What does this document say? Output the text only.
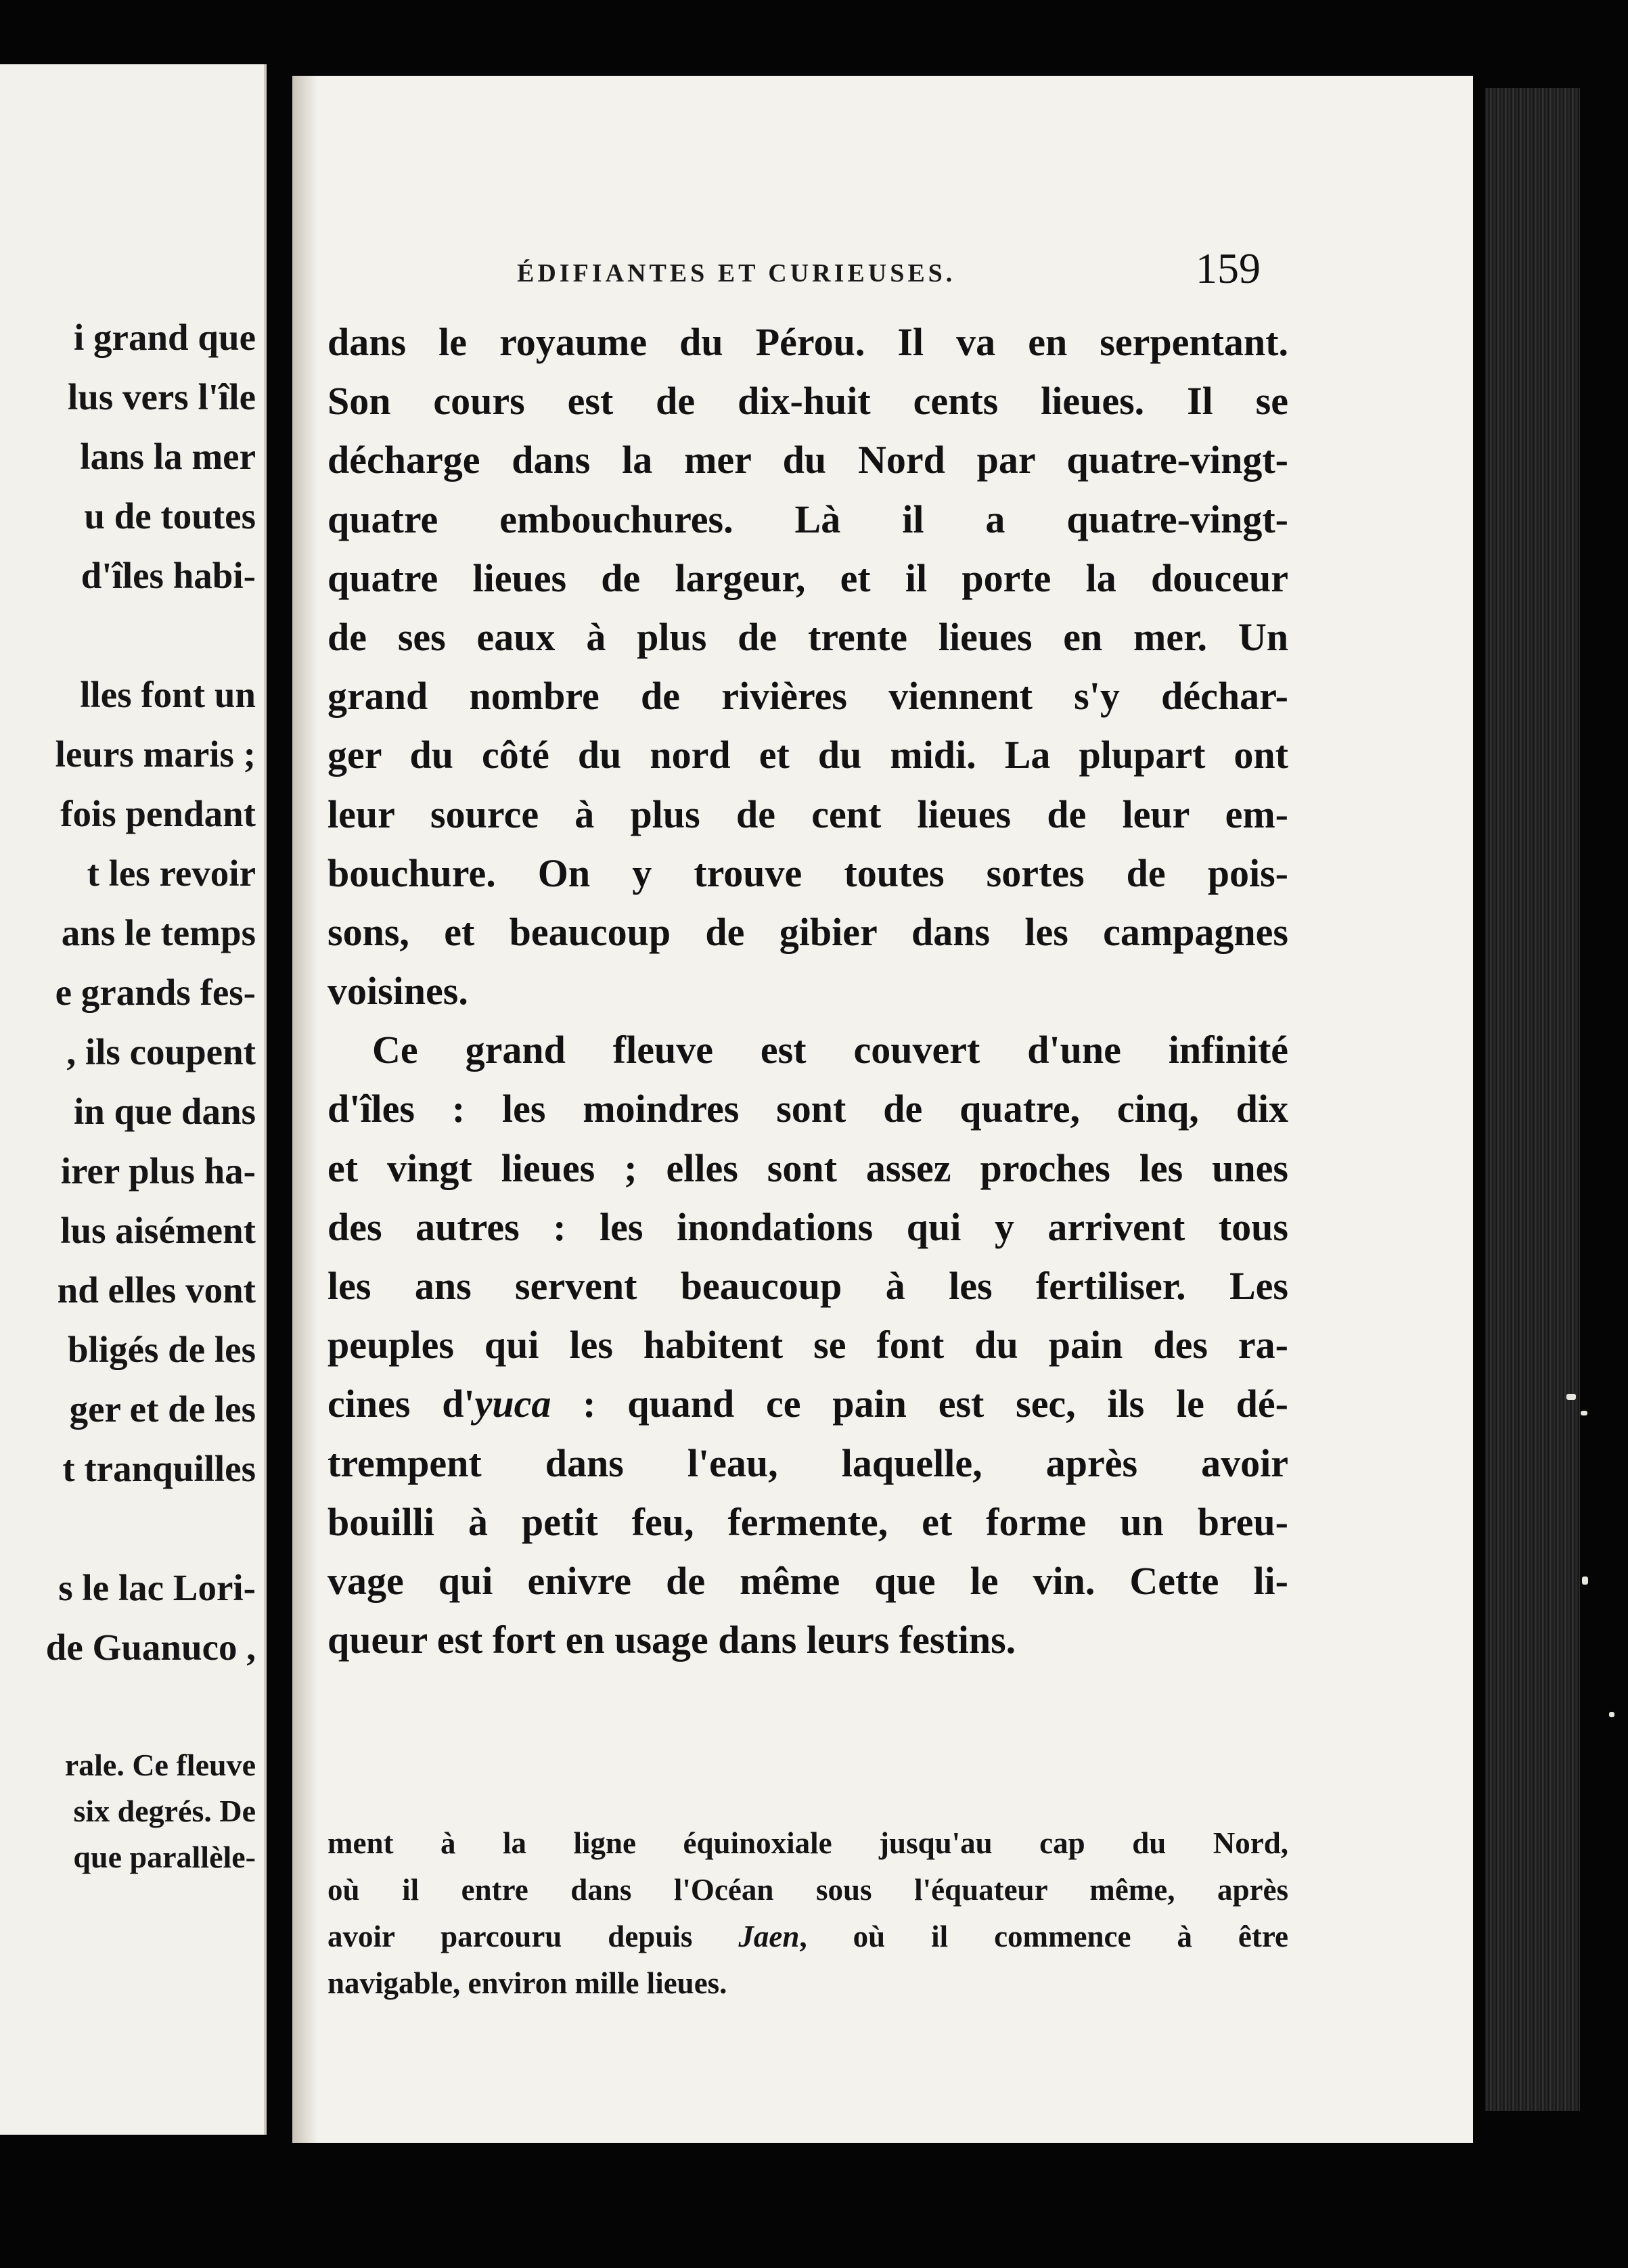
i grand que
lus vers l'île
lans la mer
u de toutes
d'îles habi-
lles font un
leurs maris ;
fois pendant
t les revoir
ans le temps
e grands fes-
, ils coupent
in que dans
irer plus ha-
lus aisément
nd elles vont
bligés de les
ger et de les
t tranquilles
s le lac Lori-
de Guanuco ,
rale. Ce fleuve
six degrés. De
que parallèle-
ÉDIFIANTES ET CURIEUSES.	159
dans le royaume du Pérou. Il va en serpentant.
Son cours est de dix-huit cents lieues. Il se
décharge dans la mer du Nord par quatre-vingt-
quatre embouchures. Là il a quatre-vingt-
quatre lieues de largeur, et il porte la douceur
de ses eaux à plus de trente lieues en mer. Un
grand nombre de rivières viennent s'y déchar-
ger du côté du nord et du midi. La plupart ont
leur source à plus de cent lieues de leur em-
bouchure. On y trouve toutes sortes de pois-
sons, et beaucoup de gibier dans les campagnes
voisines.
Ce grand fleuve est couvert d'une infinité
d'îles : les moindres sont de quatre, cinq, dix
et vingt lieues ; elles sont assez proches les unes
des autres : les inondations qui y arrivent tous
les ans servent beaucoup à les fertiliser. Les
peuples qui les habitent se font du pain des ra-
cines d'yuca : quand ce pain est sec, ils le dé-
trempent dans l'eau, laquelle, après avoir
bouilli à petit feu, fermente, et forme un breu-
vage qui enivre de même que le vin. Cette li-
queur est fort en usage dans leurs festins.
ment à la ligne équinoxiale jusqu'au cap du Nord,
où il entre dans l'Océan sous l'équateur même, après
avoir parcouru depuis Jaen, où il commence à être
navigable, environ mille lieues.
